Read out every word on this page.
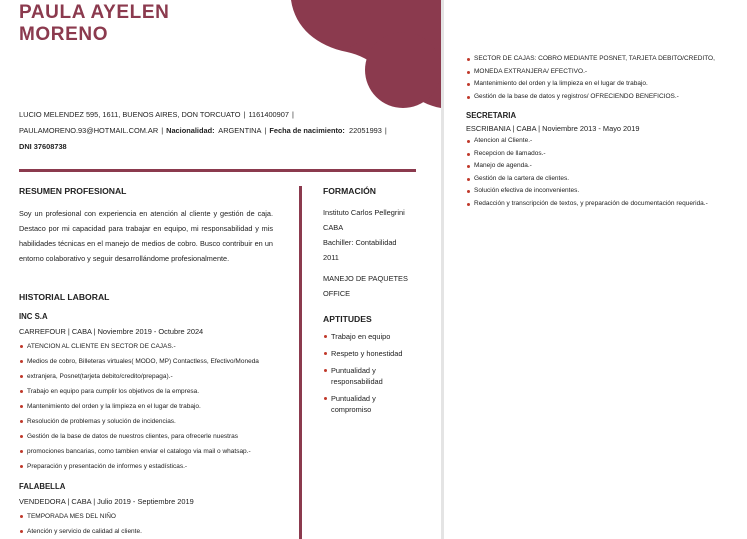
PAULA AYELEN
MORENO
LUCIO MELENDEZ 595, 1611, BUENOS AIRES, DON TORCUATO | 1161400907 |
PAULAMORENO.93@HOTMAIL.COM.AR | Nacionalidad: ARGENTINA | Fecha de nacimiento: 22051993 |
DNI 37608738
RESUMEN PROFESIONAL

Soy un profesional con experiencia en atención al cliente y gestión de caja. Destaco por mi capacidad para trabajar en equipo, mi responsabilidad y mis habilidades técnicas en el manejo de medios de cobro. Busco contribuir en un entorno colaborativo y seguir desarrollándome profesionalmente.

HISTORIAL LABORAL
INC S.A
CARREFOUR | CABA | Noviembre 2019 - Octubre 2024
ATENCION AL CLIENTE EN SECTOR DE CAJAS.-
Medios de cobro, Billeteras virtuales( MODO, MP) Contactless, Efectivo/Moneda
extranjera, Posnet(tarjeta debito/credito/prepaga).-
Trabajo en equipo para cumplir los objetivos de la empresa.
Mantenimiento del orden y la limpieza en el lugar de trabajo.
Resolución de problemas y solución de incidencias.
Gestión de la base de datos de nuestros clientes, para ofrecerle nuestras
promociones bancarias, como tambien enviar el catalogo via mail o whatsap.-
Preparación y presentación de informes y estadísticas.-
FALABELLA
VENDEDORA | CABA | Julio 2019 - Septiembre 2019
TEMPORADA MES DEL NIÑO
Atención y servicio de calidad al cliente.
FORMACIÓN
Instituto Carlos Pellegrini
CABA
Bachiller: Contabilidad
2011
MANEJO DE PAQUETES
OFFICE
APTITUDES
Trabajo en equipo
Respeto y honestidad
Puntualidad y responsabilidad
Puntualidad y compromiso
SECTOR DE CAJAS: COBRO MEDIANTE POSNET, TARJETA DEBITO/CREDITO,
MONEDA EXTRANJERA/ EFECTIVO.-
Mantenimiento del orden y la limpieza en el lugar de trabajo.
Gestión de la base de datos y registros/ OFRECIENDO BENEFICIOS.-
SECRETARIA
ESCRIBANIA | CABA | Noviembre 2013 - Mayo 2019
Atencion al Cliente.-
Recepcion de llamados.-
Manejo de agenda.-
Gestión de la cartera de clientes.
Solución efectiva de inconvenientes.
Redacción y transcripción de textos, y preparación de documentación requerida.-
